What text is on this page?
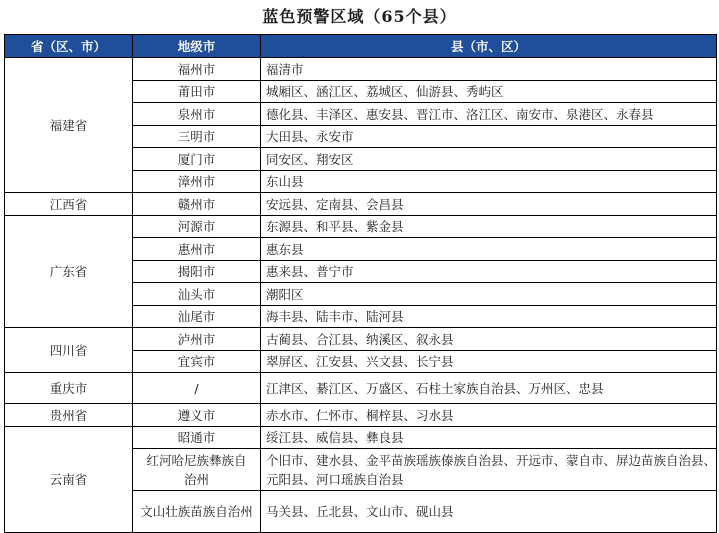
蓝色预警区域（65个县）
省（区、市）	地级市	县（市、区）
福建省	福州市	福清市
	莆田市	城厢区、涵江区、荔城区、仙游县、秀屿区
	泉州市	德化县、丰泽区、惠安县、晋江市、洛江区、南安市、泉港区、永春县
	三明市	大田县、永安市
	厦门市	同安区、翔安区
	漳州市	东山县
江西省	赣州市	安远县、定南县、会昌县
广东省	河源市	东源县、和平县、紫金县
	惠州市	惠东县
	揭阳市	惠来县、普宁市
	汕头市	潮阳区
	汕尾市	海丰县、陆丰市、陆河县
四川省	泸州市	古蔺县、合江县、纳溪区、叙永县
	宜宾市	翠屏区、江安县、兴文县、长宁县
重庆市	/	江津区、綦江区、万盛区、石柱土家族自治县、万州区、忠县
贵州省	遵义市	赤水市、仁怀市、桐梓县、习水县
云南省	昭通市	绥江县、威信县、彝良县
	红河哈尼族彝族自治州	个旧市、建水县、金平苗族瑶族傣族自治县、开远市、蒙自市、屏边苗族自治县、元阳县、河口瑶族自治县
	文山壮族苗族自治州	马关县、丘北县、文山市、砚山县
